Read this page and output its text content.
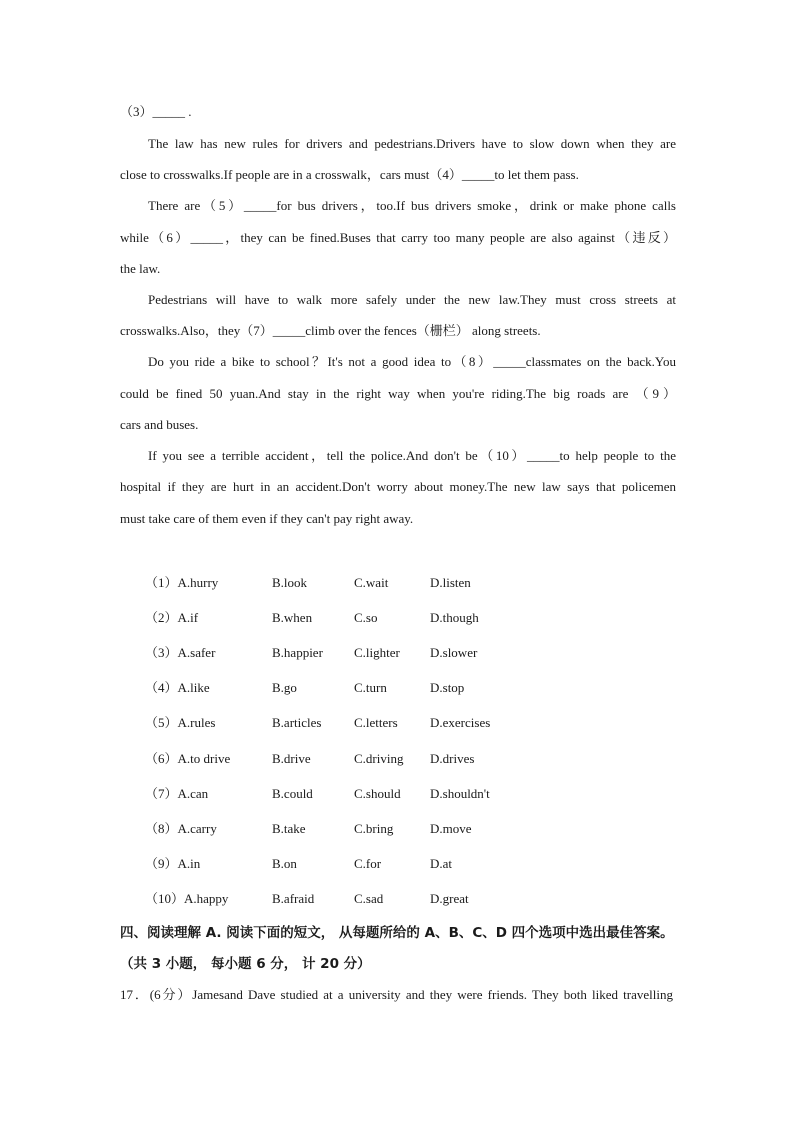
（3）_____ .
The law has new rules for drivers and pedestrians.Drivers have to slow down when they are
close to crosswalks.If people are in a crosswalk，cars must（4）_____to let them pass.
There are（5）_____for bus drivers，too.If bus drivers smoke，drink or make phone calls
while（6）_____，they can be fined.Buses that carry too many people are also against（违反）
the law.
Pedestrians will have to walk more safely under the new law.They must cross streets at
crosswalks.Also，they（7）_____climb over the fences（栅栏） along streets.
Do you ride a bike to school？It's not a good idea to（8）_____classmates on the back.You
could be fined 50 yuan.And stay in the right way when you're riding.The big roads are （9）
cars and buses.
If you see a terrible accident，tell the police.And don't be（10）_____to help people to the
hospital if they are hurt in an accident.Don't worry about money.The new law says that policemen
must take care of them even if they can't pay right away.
（1）A.hurry	B.look	C.wait	D.listen
（2）A.if	B.when	C.so	D.though
（3）A.safer	B.happier C.lighter D.slower
（4）A.like	B.go	C.turn	D.stop
（5）A.rules	B.articles	C.letters D.exercises
（6）A.to drive	B.drive	C.driving D.drives
（7）A.can	B.could	C.should D.shouldn't
（8）A.carry	B.take	C.bring	D.move
（9）A.in	B.on	C.for	D.at
（10）A.happy	B.afraid	C.sad	D.great
四、阅读理解 A. 阅读下面的短文， 从每题所给的 A、B、C、D 四个选项中选出最佳答案。
（共 3 小题， 每小题 6 分， 计 20 分）
17．(6分）Jamesand Dave studied at a university and they were friends. They both liked travelling
